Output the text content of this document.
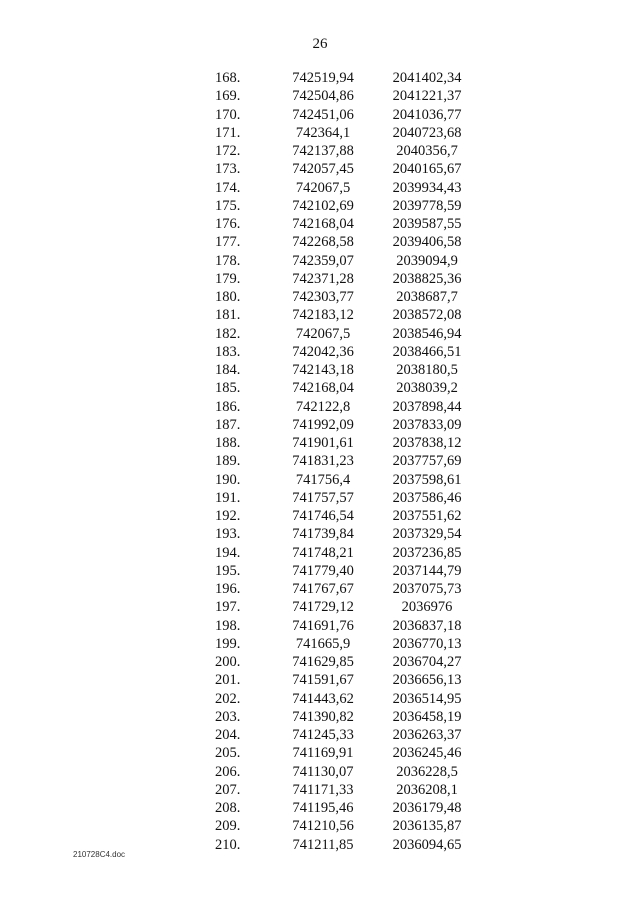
26
168.	742519,94	2041402,34
169.	742504,86	2041221,37
170.	742451,06	2041036,77
171.	742364,1	2040723,68
172.	742137,88	2040356,7
173.	742057,45	2040165,67
174.	742067,5	2039934,43
175.	742102,69	2039778,59
176.	742168,04	2039587,55
177.	742268,58	2039406,58
178.	742359,07	2039094,9
179.	742371,28	2038825,36
180.	742303,77	2038687,7
181.	742183,12	2038572,08
182.	742067,5	2038546,94
183.	742042,36	2038466,51
184.	742143,18	2038180,5
185.	742168,04	2038039,2
186.	742122,8	2037898,44
187.	741992,09	2037833,09
188.	741901,61	2037838,12
189.	741831,23	2037757,69
190.	741756,4	2037598,61
191.	741757,57	2037586,46
192.	741746,54	2037551,62
193.	741739,84	2037329,54
194.	741748,21	2037236,85
195.	741779,40	2037144,79
196.	741767,67	2037075,73
197.	741729,12	2036976
198.	741691,76	2036837,18
199.	741665,9	2036770,13
200.	741629,85	2036704,27
201.	741591,67	2036656,13
202.	741443,62	2036514,95
203.	741390,82	2036458,19
204.	741245,33	2036263,37
205.	741169,91	2036245,46
206.	741130,07	2036228,5
207.	741171,33	2036208,1
208.	741195,46	2036179,48
209.	741210,56	2036135,87
210.	741211,85	2036094,65
210728C4.doc
